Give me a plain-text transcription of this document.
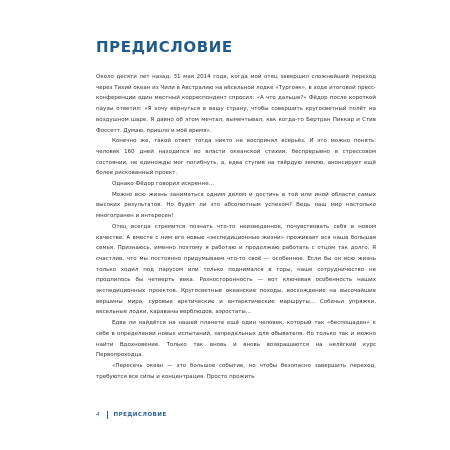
ПРЕДИСЛОВИЕ

Около десяти лет назад, 31 мая 2014 года, когда мой отец завершил сложнейший переход через Тихий океан из Чили в Австралию на вёсельной лодке «Тургояк», в ходе итоговой пресс-конференции один местный корреспондент спросил: «А что дальше?» Фёдор после короткой паузы ответил: «Я хочу вернуться в вашу страну, чтобы совершить кругосветный полёт на воздушном шаре. Я давно об этом мечтал, вымечтывал, как когда-то Бертран Пиккар и Стив Фоссетт. Думаю, пришло и моё время».

Конечно же, такой ответ тогда никто не воспринял всерьёз. И это можно понять: человек 160 дней находился во власти океанской стихии, беспрерывно в стрессовом состоянии, не единожды мог погибнуть, а, едва ступив на твёрдую землю, анонсирует ещё более рискованный проект.

Однако Фёдор говорил искренне…

Можно всю жизнь заниматься одним делом и достичь в той или иной области самых высоких результатов. Но будет ли это абсолютным успехом? Ведь наш мир настолько многогранен и интересен!

Отец всегда стремится познать что-то неизведанное, почувствовать себя в новом качестве. А вместе с ним его новые «экспедиционные жизни» проживает вся наша большая семья. Признаюсь, именно поэтому я работаю и продолжаю работать с отцом так долго. Я счастлив, что мы постоянно придумываем что-то своё — особенное. Если бы он всю жизнь только ходил под парусом или только поднимался в горы, наше сотрудничество не продлилось бы четверть века. Разносторонность — вот ключевая особенность наших экспедиционных проектов. Кругосветные океанские походы, восхождение на высочайшие вершины мира, суровые арктические и антарктические маршруты... Собачьи упряжки, весельные лодки, караваны верблюдов, аэростаты...

Едва ли найдётся на нашей планете ещё один человек, который так «беспощаден» к себе в определении новых испытаний, запредельных для обывателя. Но только так и можно найти Вдохновение. Только так вновь и вновь возвращаются на нелёгкий курс Первопроходца.

«Пересечь океан — это большое событие, но чтобы безопасно завершить переход, требуются все силы и концентрация. Просто прожить

4	ПРЕДИСЛОВИЕ
